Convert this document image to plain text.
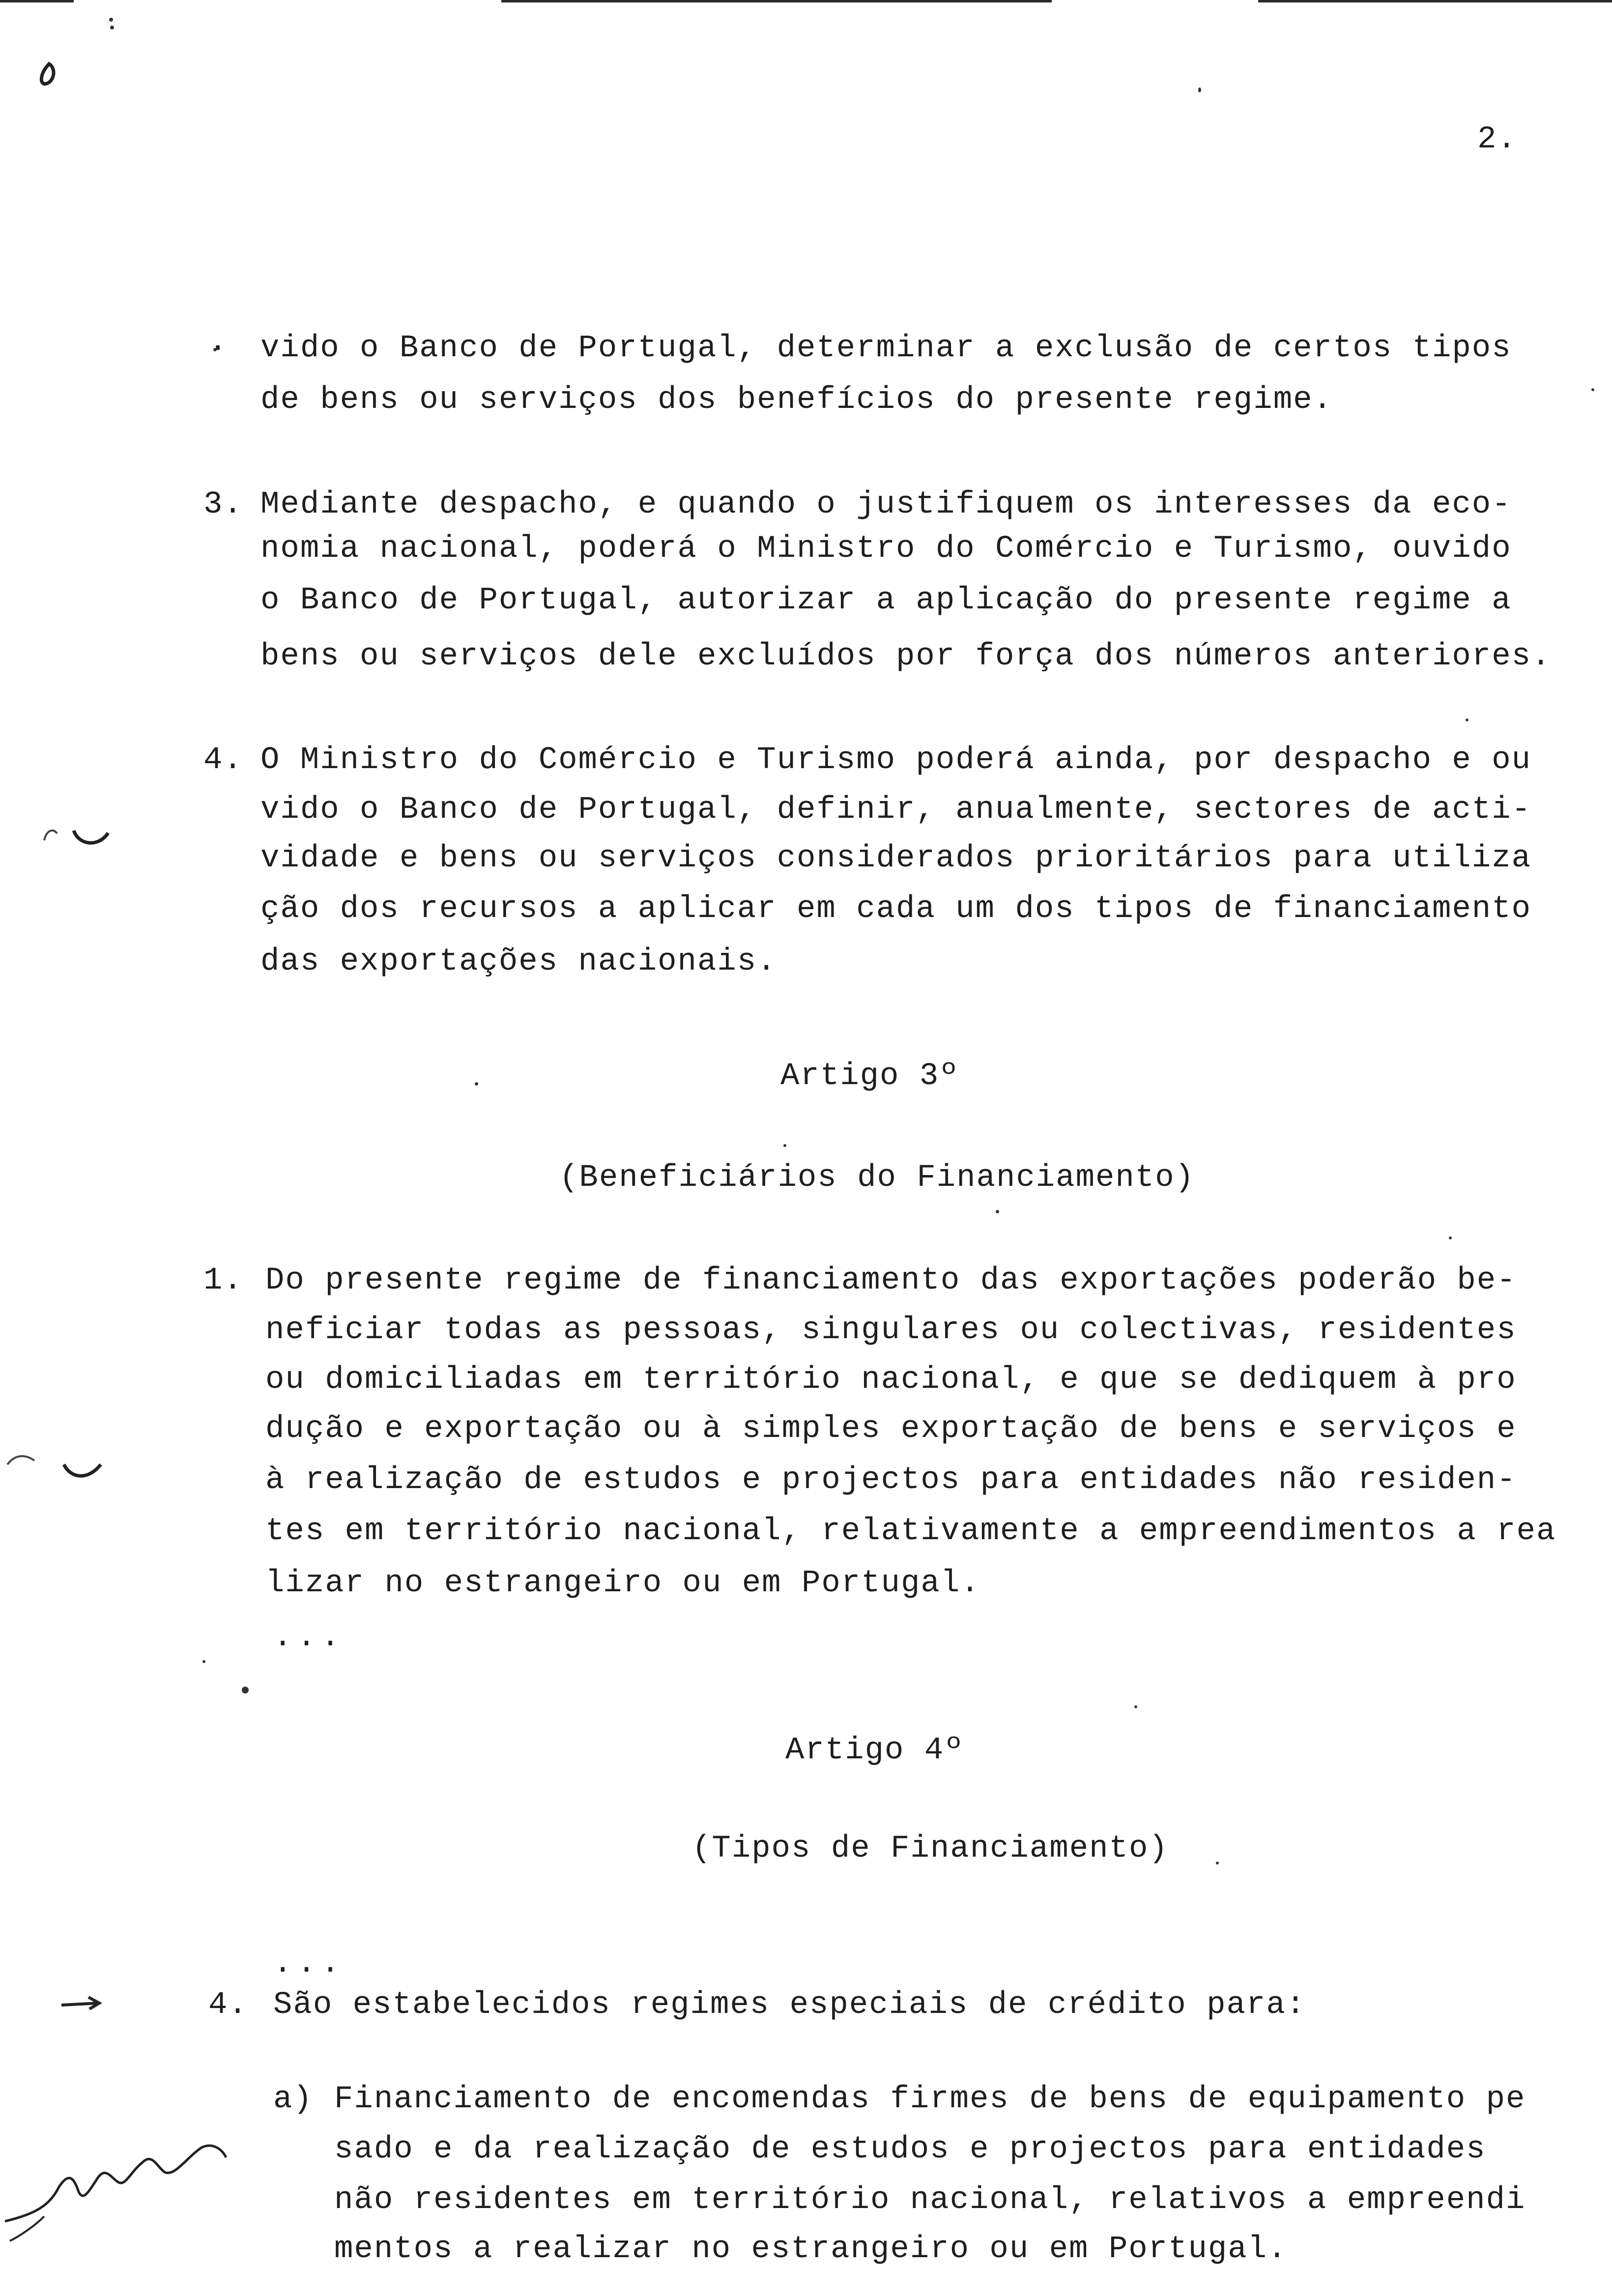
2.
· vido o Banco de Portugal, determinar a exclusão de certos tipos
de bens ou serviços dos benefícios do presente regime.
3. Mediante despacho, e quando o justifiquem os interesses da eco-
nomia nacional, poderá o Ministro do Comércio e Turismo, ouvido
o Banco de Portugal, autorizar a aplicação do presente regime a
bens ou serviços dele excluídos por força dos números anteriores.
4. O Ministro do Comércio e Turismo poderá ainda, por despacho e ou
vido o Banco de Portugal, definir, anualmente, sectores de acti-
vidade e bens ou serviços considerados prioritários para utiliza
ção dos recursos a aplicar em cada um dos tipos de financiamento
das exportações nacionais.
Artigo 3º
(Beneficiários do Financiamento)
1. Do presente regime de financiamento das exportações poderão be-
neficiar todas as pessoas, singulares ou colectivas, residentes
ou domiciliadas em território nacional, e que se dediquem à pro
dução e exportação ou à simples exportação de bens e serviços e
à realização de estudos e projectos para entidades não residen-
tes em território nacional, relativamente a empreendimentos a rea
lizar no estrangeiro ou em Portugal.
...
Artigo 4º
(Tipos de Financiamento)
...
4. São estabelecidos regimes especiais de crédito para:
a) Financiamento de encomendas firmes de bens de equipamento pe
sado e da realização de estudos e projectos para entidades
não residentes em território nacional, relativos a empreendi
mentos a realizar no estrangeiro ou em Portugal.
